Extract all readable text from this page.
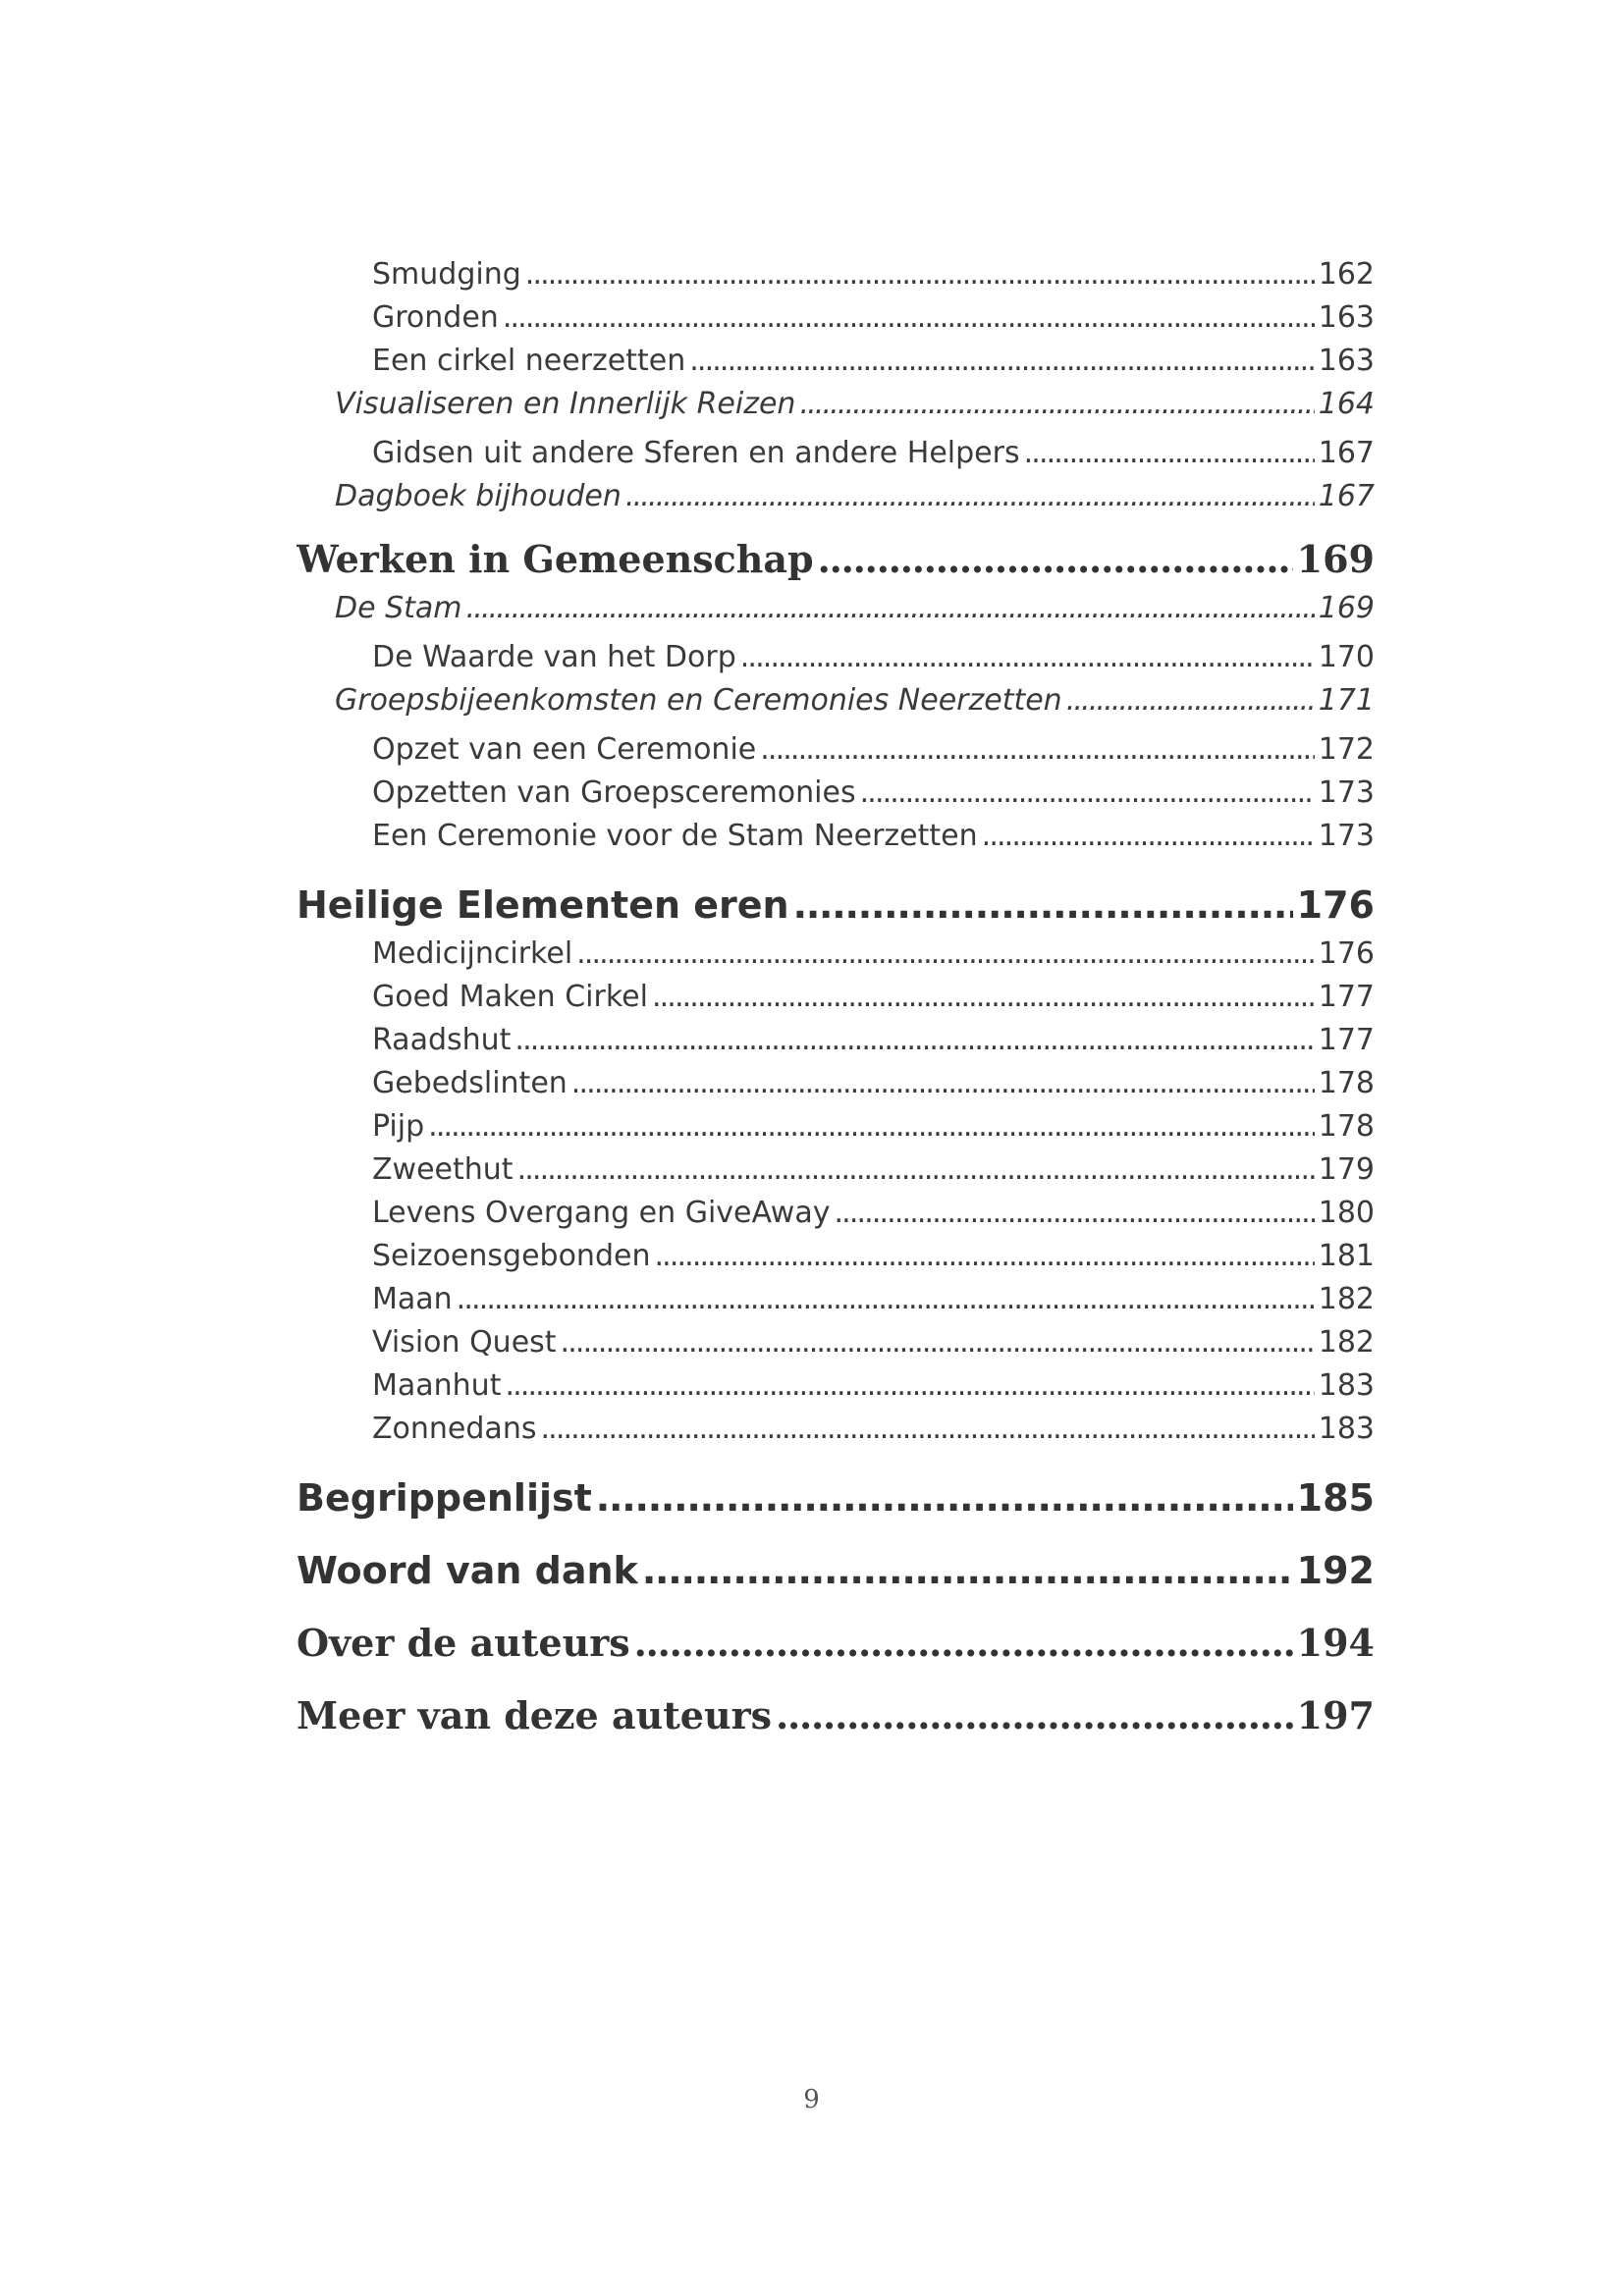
Smudging . . .	162
Gronden . . .	163
Een cirkel neerzetten . . .	163
Visualiseren en Innerlijk Reizen . . .	164
Gidsen uit andere Sferen en andere Helpers . . .	167
Dagboek bijhouden . . .	167
Werken in Gemeenschap . . .	169
De Stam . . .	169
De Waarde van het Dorp . . .	170
Groepsbijeenkomsten en Ceremonies Neerzetten . . .	171
Opzet van een Ceremonie . . .	172
Opzetten van Groepsceremonies . . .	173
Een Ceremonie voor de Stam Neerzetten . . .	173
Heilige Elementen eren . . .	176
Medicijncirkel . . .	176
Goed Maken Cirkel . . .	177
Raadshut . . .	177
Gebedslinten . . .	178
Pijp . . .	178
Zweethut . . .	179
Levens Overgang en GiveAway . . .	180
Seizoensgebonden . . .	181
Maan . . .	182
Vision Quest . . .	182
Maanhut . . .	183
Zonnedans . . .	183
Begrippenlijst . . .	185
Woord van dank . . .	192
Over de auteurs . . .	194
Meer van deze auteurs . . .	197
9
